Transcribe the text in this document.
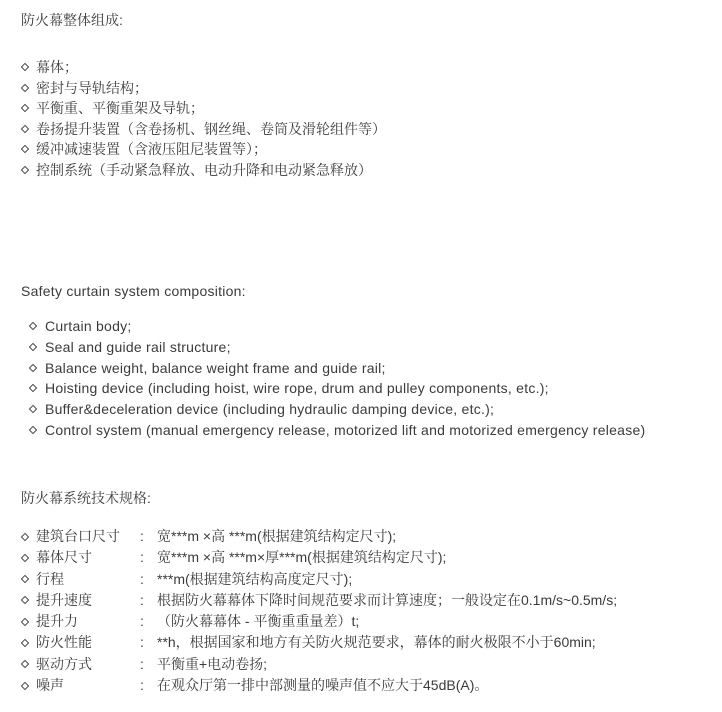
防火幕整体组成:
幕体；
密封与导轨结构；
平衡重、平衡重架及导轨；
卷扬提升装置（含卷扬机、钢丝绳、卷筒及滑轮组件等）
缓冲减速装置（含液压阻尼装置等）；
控制系统（手动紧急释放、电动升降和电动紧急释放）
Safety curtain system composition:
Curtain body;
Seal and guide rail structure;
Balance weight, balance weight frame and guide rail;
Hoisting device (including hoist, wire rope, drum and pulley components, etc.);
Buffer&deceleration device (including hydraulic damping device, etc.);
Control system (manual emergency release, motorized lift and motorized emergency release)
防火幕系统技术规格:
建筑台口尺寸	: 宽***m ×高 ***m(根据建筑结构定尺寸);
幕体尺寸	: 宽***m ×高 ***m×厚***m(根据建筑结构定尺寸);
行程	: ***m(根据建筑结构高度定尺寸);
提升速度	: 根据防火幕幕体下降时间规范要求而计算速度；一般设定在0.1m/s~0.5m/s;
提升力	: （防火幕幕体 - 平衡重重量差）t;
防火性能	: **h，根据国家和地方有关防火规范要求，幕体的耐火极限不小于60min;
驱动方式	: 平衡重+电动卷扬;
噪声	: 在观众厅第一排中部测量的噪声值不应大于45dB(A)。
